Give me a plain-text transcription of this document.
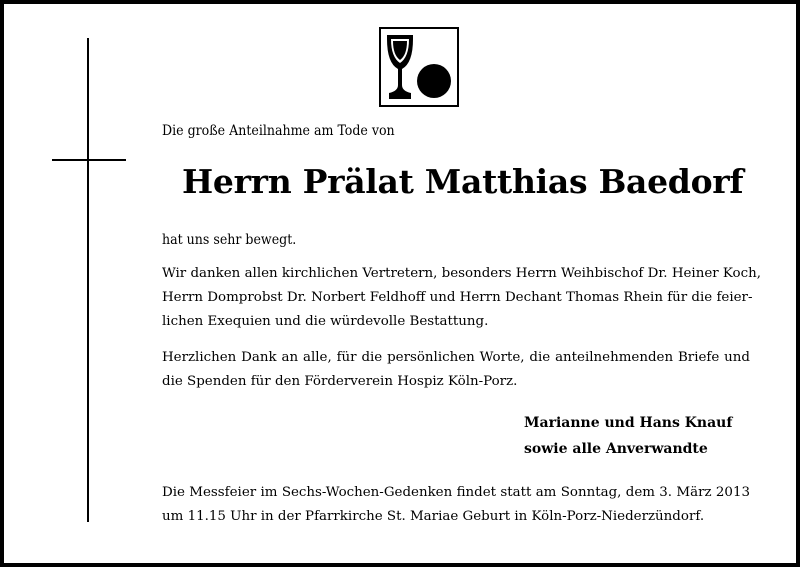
Die große Anteilnahme am Tode von
Herrn Prälat Matthias Baedorf
hat uns sehr bewegt.
Wir danken allen kirchlichen Vertretern, besonders Herrn Weihbischof Dr. Heiner Koch,
Herrn Domprobst Dr. Norbert Feldhoff und Herrn Dechant Thomas Rhein für die feier-
lichen Exequien und die würdevolle Bestattung.
Herzlichen Dank an alle, für die persönlichen Worte, die anteilnehmenden Briefe und
die Spenden für den Förderverein Hospiz Köln-Porz.
Marianne und Hans Knauf
sowie alle Anverwandte
Die Messfeier im Sechs-Wochen-Gedenken findet statt am Sonntag, dem 3. März 2013
um 11.15 Uhr in der Pfarrkirche St. Mariae Geburt in Köln-Porz-Niederzündorf.
